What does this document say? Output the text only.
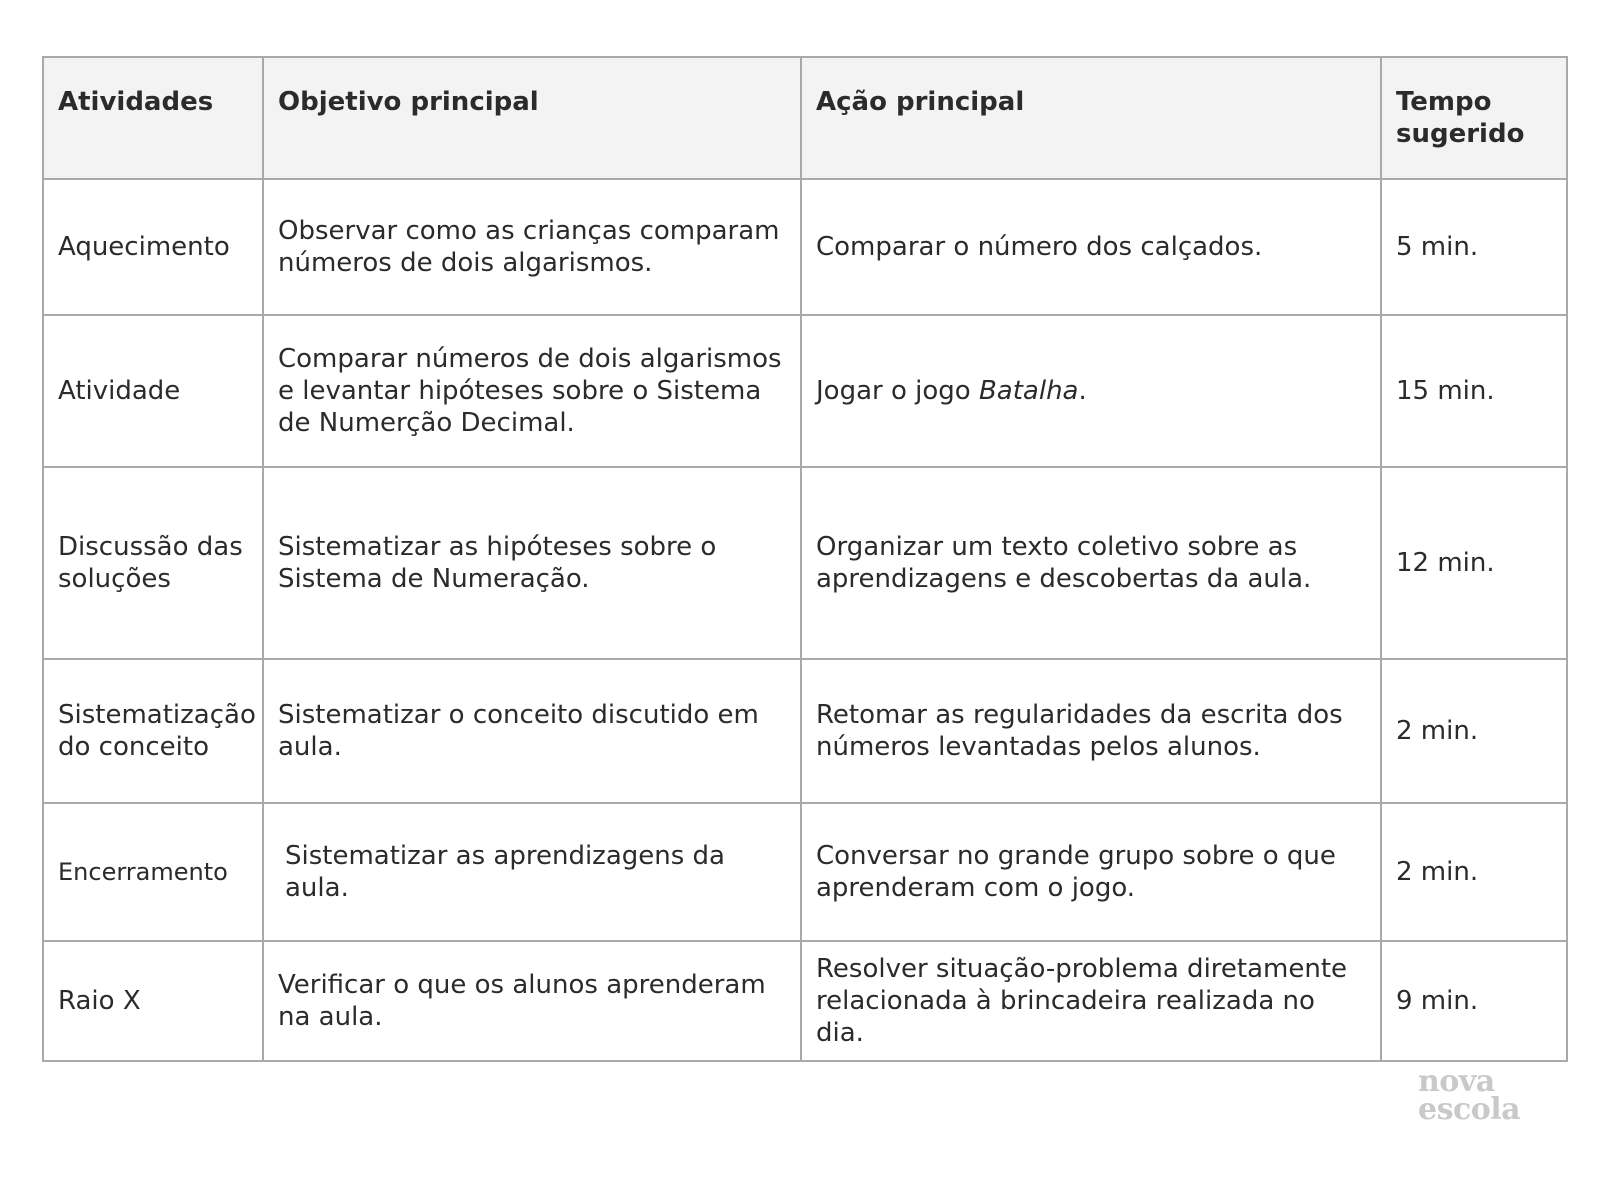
Atividades	Objetivo principal	Ação principal	Tempo sugerido
Aquecimento	Observar como as crianças comparam números de dois algarismos.	Comparar o número dos calçados.	5 min.
Atividade	Comparar números de dois algarismos e levantar hipóteses sobre o Sistema de Numerção Decimal.	Jogar o jogo Batalha.	15 min.
Discussão das soluções	Sistematizar as hipóteses sobre o Sistema de Numeração.	Organizar um texto coletivo sobre as aprendizagens e descobertas da aula.	12 min.
Sistematização do conceito	Sistematizar o conceito discutido em aula.	Retomar as regularidades da escrita dos números levantadas pelos alunos.	2 min.
Encerramento	Sistematizar as aprendizagens da aula.	Conversar no grande grupo sobre o que aprenderam com o jogo.	2 min.
Raio X	Verificar o que os alunos aprenderam na aula.	Resolver situação-problema diretamente relacionada à brincadeira realizada no dia.	9 min.
nova
escola
